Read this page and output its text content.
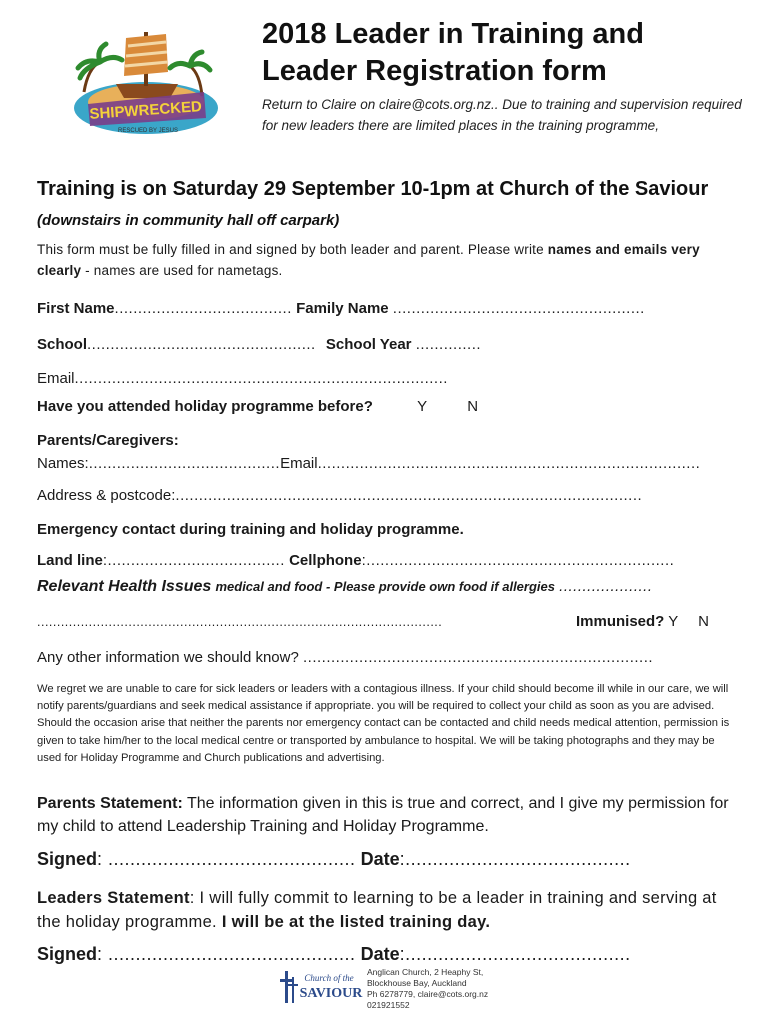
SHIPWRECKED
RESCUED BY JESUS
2018 Leader in Training and
Leader Registration form
Return to Claire on claire@cots.org.nz.. Due to training and supervision required for new leaders there are limited places in the training programme,
Training is on Saturday 29 September 10-1pm at Church of the Saviour (downstairs in community hall off carpark)
This form must be fully filled in and signed by both leader and parent. Please write names and emails very clearly - names are used for nametags.
First Name...................................... Family Name ......................................................
School................................................. School Year ..............
Email................................................................................
Have you attended holiday programme before?	Y	N
Parents/Caregivers:
Names:.........................................Email..................................................................................
Address & postcode:....................................................................................................
Emergency contact during training and holiday programme.
Land line:...................................... Cellphone:..................................................................
Relevant Health Issues medical and food - Please provide own food if allergies ....................
......................................................................................................	Immunised? Y N
Any other information we should know? ...........................................................................
We regret we are unable to care for sick leaders or leaders with a contagious illness. If your child should become ill while in our care, we will notify parents/guardians and seek medical assistance if appropriate. you will be required to collect your child as soon as you are advised. Should the occasion arise that neither the parents nor emergency contact can be contacted and child needs medical attention, permission is given to take him/her to the local medical centre or transported by ambulance to hospital. We will be taking photographs and they may be used for Holiday Programme and Church publications and advertising.
Parents Statement: The information given in this is true and correct, and I give my permission for my child to attend Leadership Training and Holiday Programme.
Signed: ............................................. Date:.........................................
Leaders Statement: I will fully commit to learning to be a leader in training and serving at the holiday programme. I will be at the listed training day.
Signed: ............................................. Date:.........................................
Church of the
SAVIOUR
Anglican Church, 2 Heaphy St,
Blockhouse Bay, Auckland
Ph 6278779, claire@cots.org.nz
021921552
